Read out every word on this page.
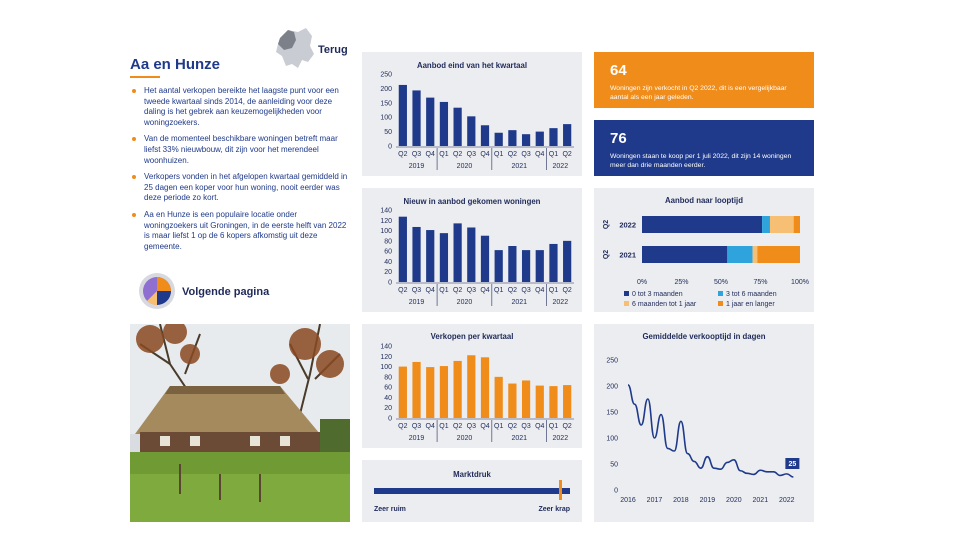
Aa en Hunze
Terug
Het aantal verkopen bereikte het laagste punt voor een tweede kwartaal sinds 2014, de aanleiding voor deze daling is het gebrek aan keuzemogelijkheden voor woningzoekers.
Van de momenteel beschikbare woningen betreft maar liefst 33% nieuwbouw, dit zijn voor het merendeel woonhuizen.
Verkopers vonden in het afgelopen kwartaal gemiddeld in 25 dagen een koper voor hun woning, nooit eerder was deze periode zo kort.
Aa en Hunze is een populaire locatie onder woningzoekers uit Groningen, in de eerste helft van 2022 is maar liefst 1 op de 6 kopers afkomstig uit deze gemeente.
Volgende pagina
Aanbod eind van het kwartaal
0
50
100
150
200
250
Q2 Q3 Q4 Q1 Q2 Q3 Q4 Q1 Q2 Q3 Q4 Q1 Q2
2019	2020	2021	2022
Nieuw in aanbod gekomen woningen
0
20
40
60
80
100
120
140
Q2 Q3 Q4 Q1 Q2 Q3 Q4 Q1 Q2 Q3 Q4 Q1 Q2
2019	2020	2021	2022
Verkopen per kwartaal
0
20
40
60
80
100
120
140
Q2 Q3 Q4 Q1 Q2 Q3 Q4 Q1 Q2 Q3 Q4 Q1 Q2
2019	2020	2021	2022
Marktdruk
Zeer ruim	Zeer krap
64
Woningen zijn verkocht in Q2 2022, dit is een vergelijkbaar aantal als een jaar geleden.
76
Woningen staan te koop per 1 juli 2022, dit zijn 14 woningen meer dan drie maanden eerder.
Aanbod naar looptijd
2022
Q2
2021
Q2
0%	25%	50%	75%	100%
0 tot 3 maanden	3 tot 6 maanden
6 maanden tot 1 jaar	1 jaar en langer
Gemiddelde verkooptijd in dagen
0
50
100
150
200
250
2016 2017 2018 2019 2020 2021 2022
25
